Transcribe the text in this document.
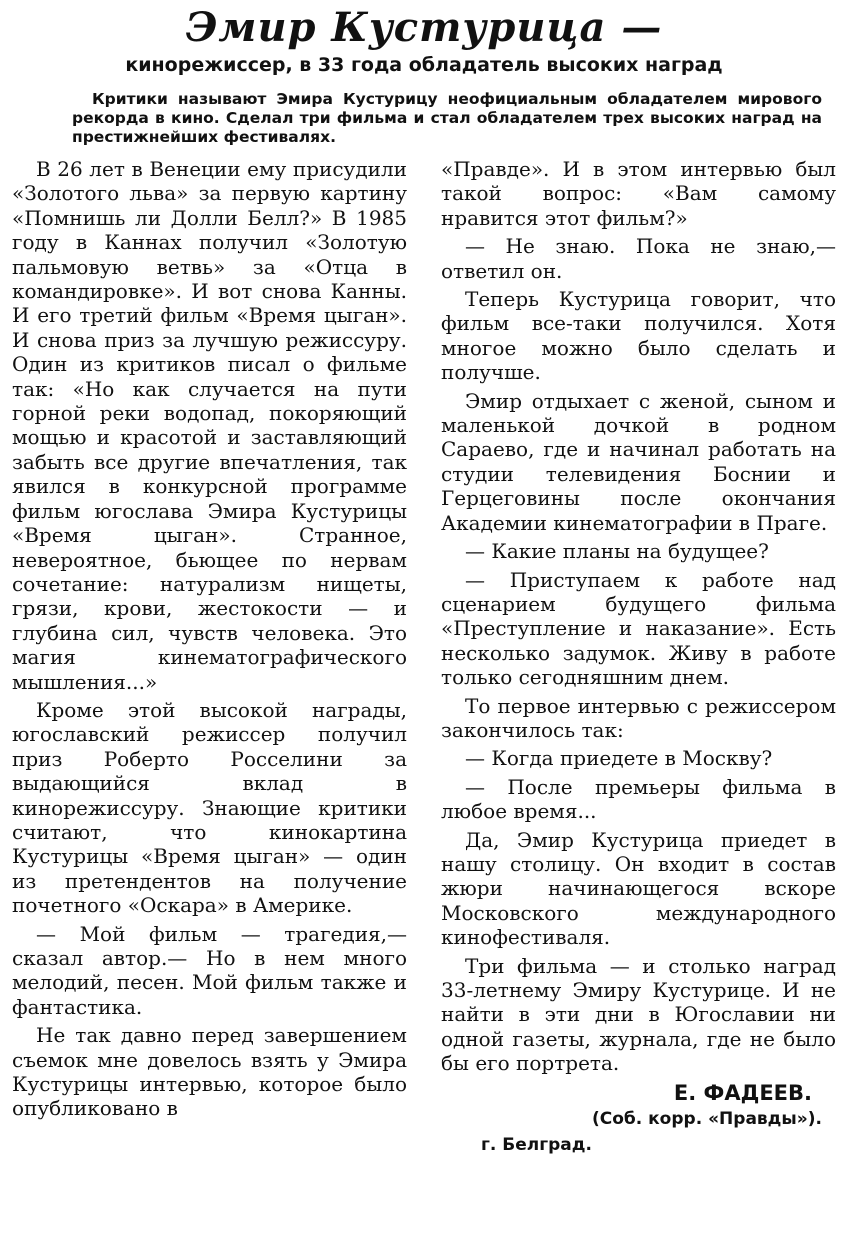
Эмир Кустурица —
кинорежиссер, в 33 года обладатель высоких наград
Критики называют Эмира Кустурицу неофициальным обладателем мирового рекорда в кино. Сделал три фильма и стал обладателем трех высоких наград на престижнейших фестивалях.

В 26 лет в Венеции ему присудили «Золотого льва» за первую картину «Помнишь ли Долли Белл?» В 1985 году в Каннах получил «Золотую пальмовую ветвь» за «Отца в командировке». И вот снова Канны. И его третий фильм «Время цыган». И снова приз за лучшую режиссуру. Один из критиков писал о фильме так: «Но как случается на пути горной реки водопад, покоряющий мощью и красотой и заставляющий забыть все другие впечатления, так явился в конкурсной программе фильм югослава Эмира Кустурицы «Время цыган». Странное, невероятное, бьющее по нервам сочетание: натурализм нищеты, грязи, крови, жестокости — и глубина сил, чувств человека. Это магия кинематографического мышления...»

Кроме этой высокой награды, югославский режиссер получил приз Роберто Росселини за выдающийся вклад в кинорежиссуру. Знающие критики считают, что кинокартина Кустурицы «Время цыган» — один из претендентов на получение почетного «Оскара» в Америке.

— Мой фильм — трагедия,— сказал автор.— Но в нем много мелодий, песен. Мой фильм также и фантастика.

Не так давно перед завершением съемок мне довелось взять у Эмира Кустурицы интервью, которое было опубликовано в

«Правде». И в этом интервью был такой вопрос: «Вам самому нравится этот фильм?»

— Не знаю. Пока не знаю,— ответил он.

Теперь Кустурица говорит, что фильм все-таки получился. Хотя многое можно было сделать и получше.

Эмир отдыхает с женой, сыном и маленькой дочкой в родном Сараево, где и начинал работать на студии телевидения Боснии и Герцеговины после окончания Академии кинематографии в Праге.

— Какие планы на будущее?

— Приступаем к работе над сценарием будущего фильма «Преступление и наказание». Есть несколько задумок. Живу в работе только сегодняшним днем.

То первое интервью с режиссером закончилось так:

— Когда приедете в Москву?

— После премьеры фильма в любое время...

Да, Эмир Кустурица приедет в нашу столицу. Он входит в состав жюри начинающегося вскоре Московского международного кинофестиваля.

Три фильма — и столько наград 33-летнему Эмиру Кустурице. И не найти в эти дни в Югославии ни одной газеты, журнала, где не было бы его портрета.

Е. ФАДЕЕВ.
(Соб. корр. «Правды»).
г. Белград.
